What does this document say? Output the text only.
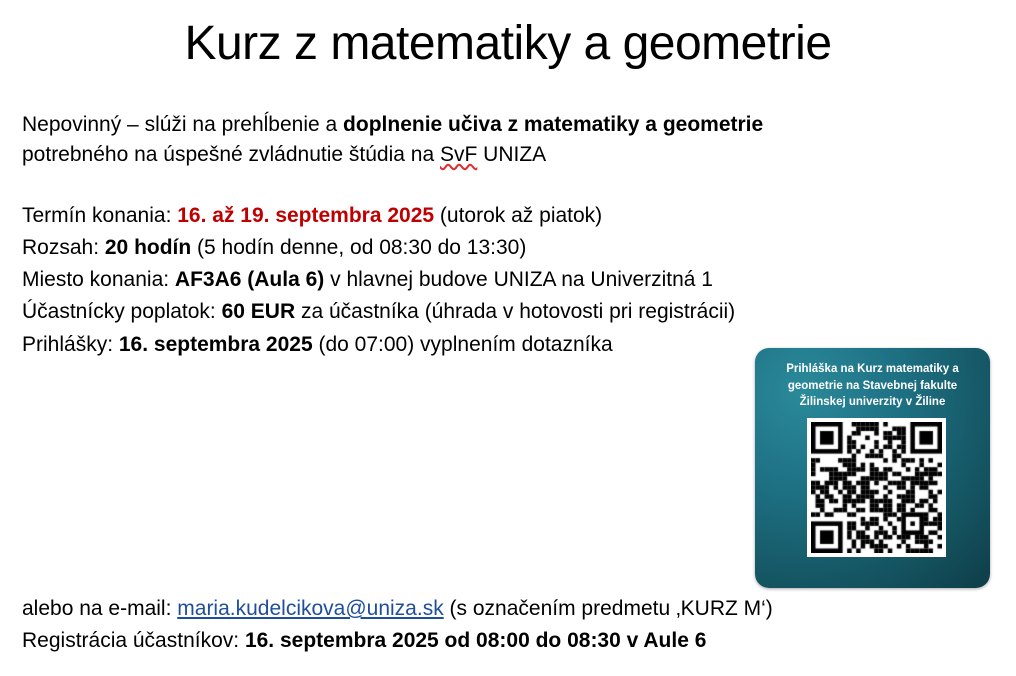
Kurz z matematiky a geometrie
Nepovinný – slúži na prehĺbenie a doplnenie učiva z matematiky a geometrie
potrebného na úspešné zvládnutie štúdia na SvF UNIZA
Termín konania: 16. až 19. septembra 2025 (utorok až piatok)
Rozsah: 20 hodín (5 hodín denne, od 08:30 do 13:30)
Miesto konania: AF3A6 (Aula 6) v hlavnej budove UNIZA na Univerzitná 1
Účastnícky poplatok: 60 EUR za účastníka (úhrada v hotovosti pri registrácii)
Prihlášky: 16. septembra 2025 (do 07:00) vyplnením dotazníka
Prihláška na Kurz matematiky a geometrie na Stavebnej fakulte Žilinskej univerzity v Žiline
alebo na e-mail: maria.kudelcikova@uniza.sk (s označením predmetu ‚KURZ M‘)
Registrácia účastníkov: 16. septembra 2025 od 08:00 do 08:30 v Aule 6
